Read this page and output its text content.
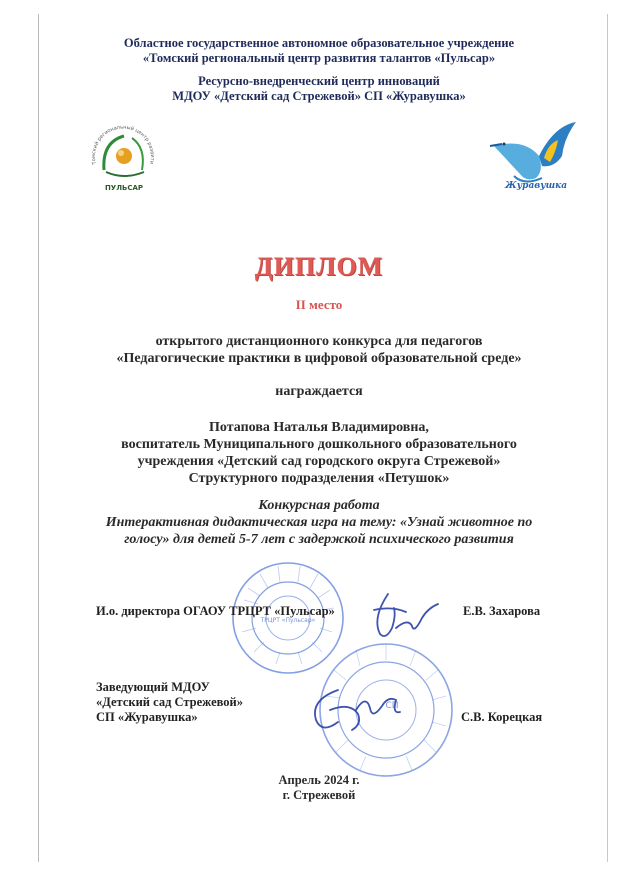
Областное государственное автономное образовательное учреждение
«Томский региональный центр развития талантов «Пульсар»
Ресурсно-внедренческий центр инноваций
МДОУ «Детский сад Стрежевой» СП «Журавушка»
Томский региональный центр развити
ПУЛЬСАР	Журавушка
ДИПЛОМ
II место
открытого дистанционного конкурса для педагогов
«Педагогические практики в цифровой образовательной среде»
награждается
Потапова Наталья Владимировна,
воспитатель Муниципального дошкольного образовательного
учреждения «Детский сад городского округа Стрежевой»
Структурного подразделения «Петушок»
Конкурсная работа
Интерактивная дидактическая игра на тему: «Узнай животное по
голосу» для детей 5-7 лет с задержкой психического развития
ТРЦРТ «Пульсар»
СП
И.о. директора ОГАОУ ТРЦРТ «Пульсар»	Е.В. Захарова
Заведующий МДОУ
«Детский сад Стрежевой»
СП «Журавушка»	С.В. Корецкая
Апрель 2024 г.
г. Стрежевой
